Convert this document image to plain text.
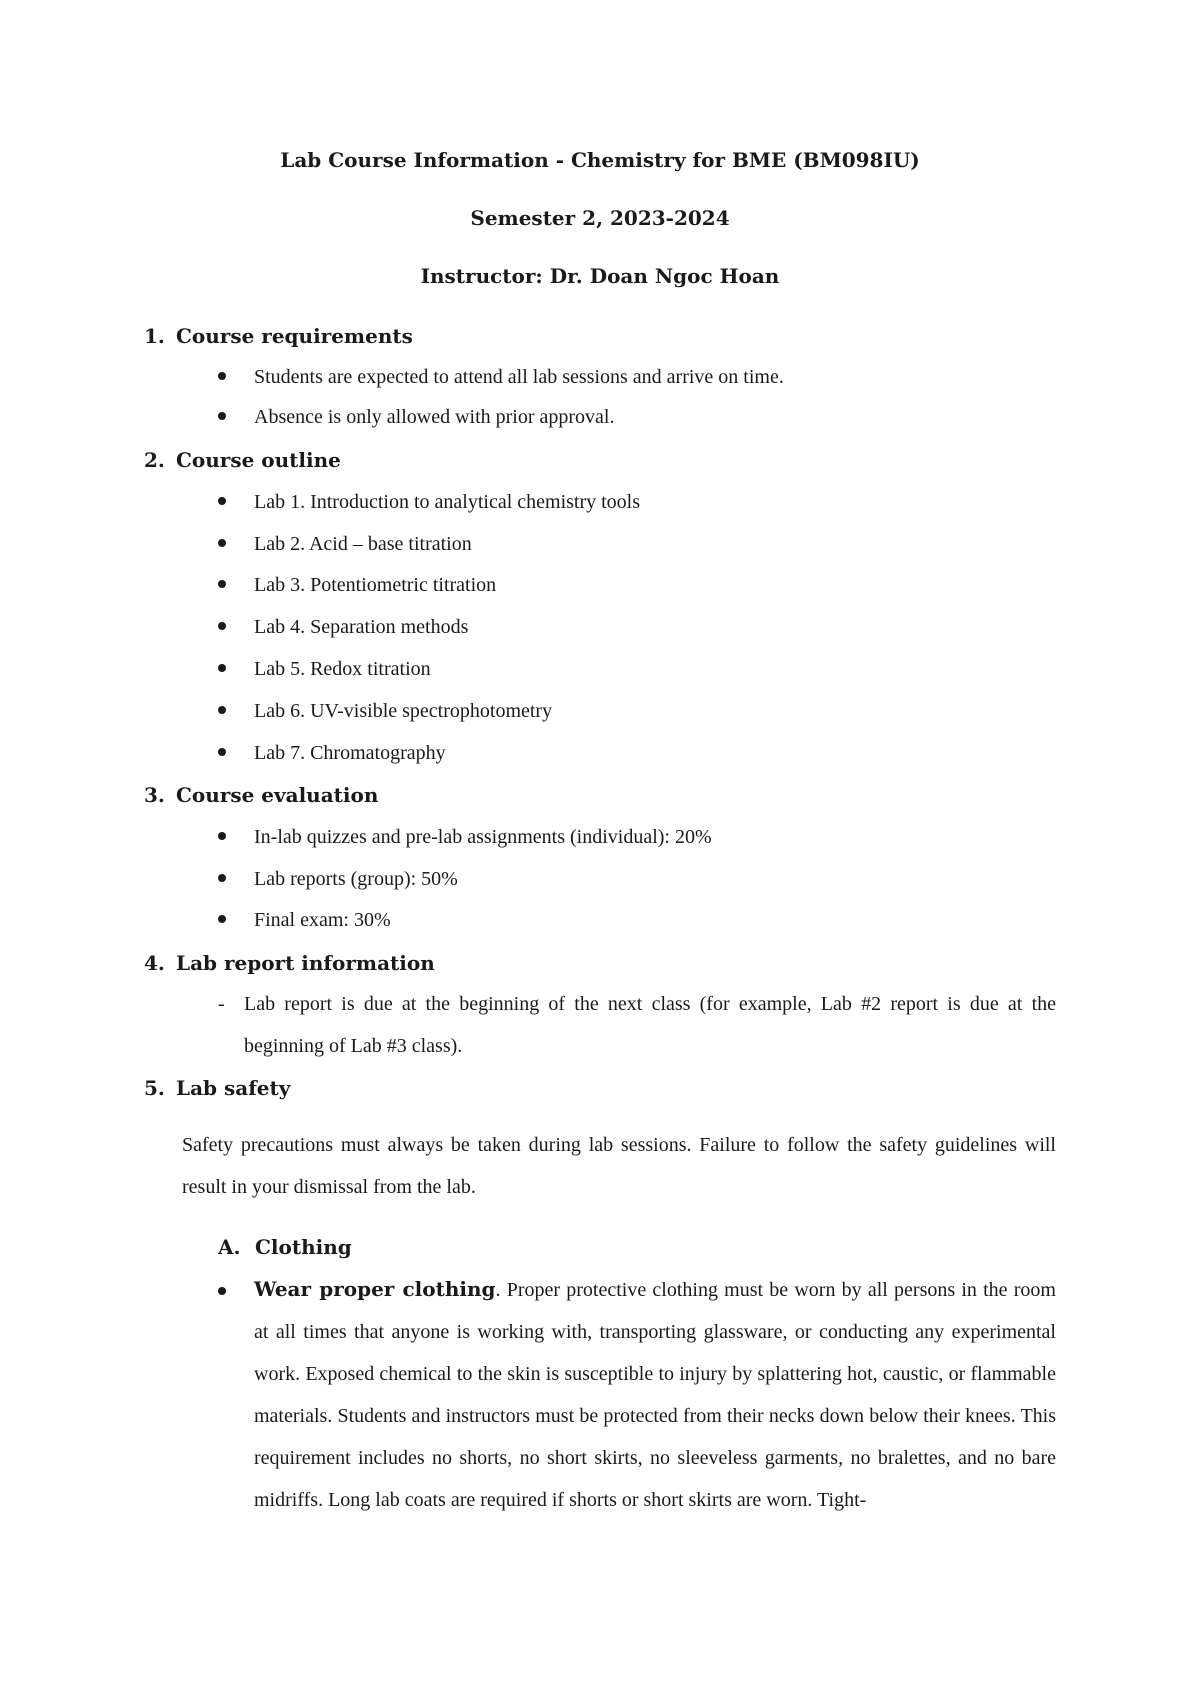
Lab Course Information - Chemistry for BME (BM098IU)
Semester 2, 2023-2024
Instructor: Dr. Doan Ngoc Hoan
1. Course requirements
Students are expected to attend all lab sessions and arrive on time.
Absence is only allowed with prior approval.
2. Course outline
Lab 1. Introduction to analytical chemistry tools
Lab 2. Acid – base titration
Lab 3. Potentiometric titration
Lab 4. Separation methods
Lab 5. Redox titration
Lab 6. UV-visible spectrophotometry
Lab 7. Chromatography
3. Course evaluation
In-lab quizzes and pre-lab assignments (individual): 20%
Lab reports (group): 50%
Final exam: 30%
4. Lab report information
- Lab report is due at the beginning of the next class (for example, Lab #2 report is due at the beginning of Lab #3 class).
5. Lab safety
Safety precautions must always be taken during lab sessions. Failure to follow the safety guidelines will result in your dismissal from the lab.
A. Clothing
Wear proper clothing. Proper protective clothing must be worn by all persons in the room at all times that anyone is working with, transporting glassware, or conducting any experimental work. Exposed chemical to the skin is susceptible to injury by splattering hot, caustic, or flammable materials. Students and instructors must be protected from their necks down below their knees. This requirement includes no shorts, no short skirts, no sleeveless garments, no bralettes, and no bare midriffs. Long lab coats are required if shorts or short skirts are worn. Tight-
